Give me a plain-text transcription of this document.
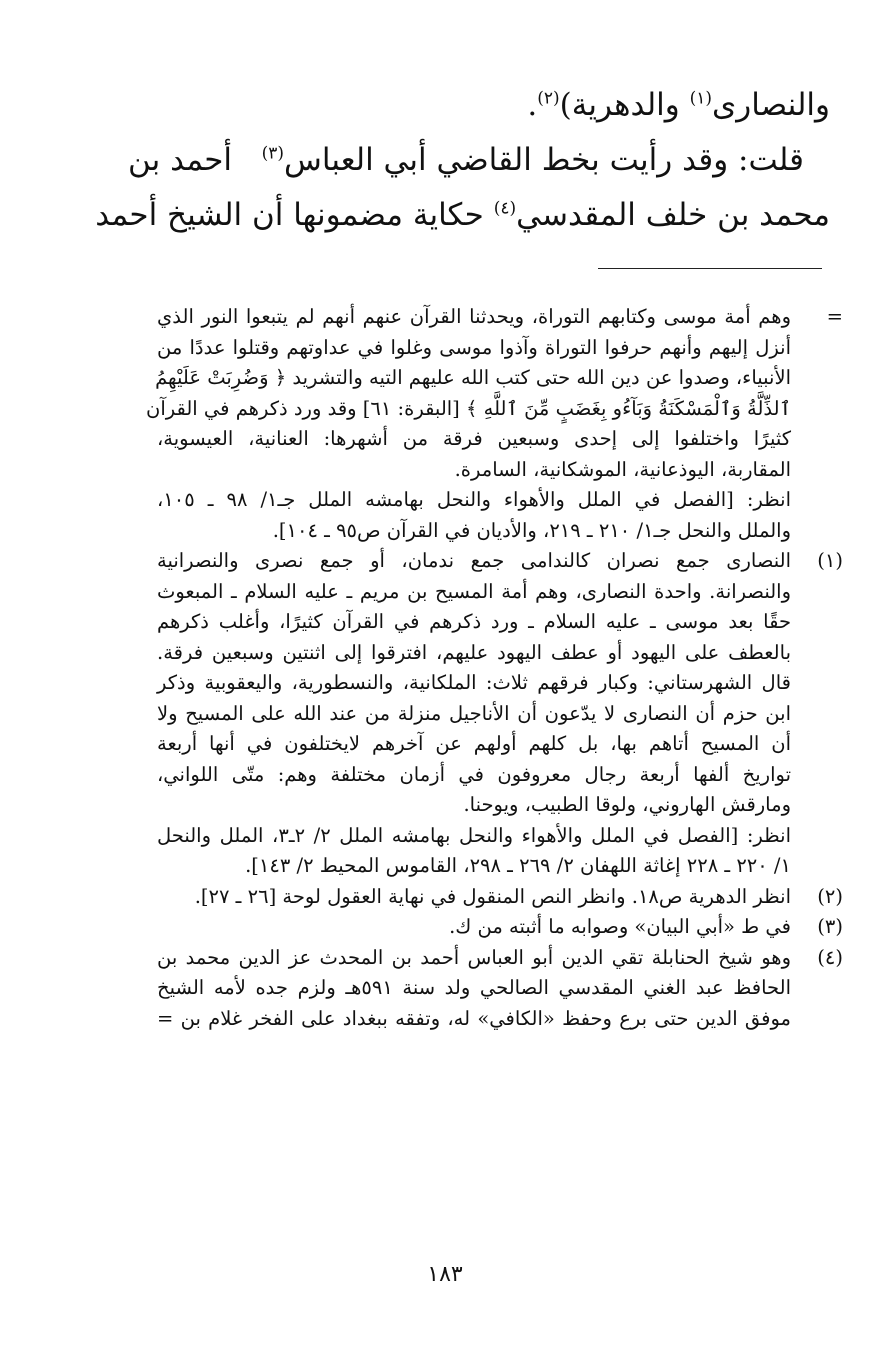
والنصارى$^{(١)}$ والدهرية)$^{(٢)}$.
قلت: وقد رأيت بخط القاضي أبي العباس$^{(٣)}$   أحمد بن
محمد بن خلف المقدسي$^{(٤)}$ حكاية مضمونها أن الشيخ أحمد
=
وهم أمة موسى وكتابهم التوراة، ويحدثنا القرآن عنهم أنهم لم يتبعوا النور الذي
أنزل إليهم وأنهم حرفوا التوراة وآذوا موسى وغلوا في عداوتهم وقتلوا عددًا من
الأنبياء، وصدوا عن دين الله حتى كتب الله عليهم التيه والتشريد ﴿ وَضُرِبَتْ عَلَيْهِمُ
ٱلذِّلَّةُ وَٱلْمَسْكَنَةُ وَبَآءُو بِغَضَبٍ مِّنَ ٱللَّهِ ﴾ [البقرة: ٦١] وقد ورد ذكرهم في القرآن
كثيرًا واختلفوا إلى إحدى وسبعين فرقة من أشهرها: العنانية، العيسوية،
المقاربة، اليوذعانية، الموشكانية، السامرة.
انظر: [الفصل في الملل والأهواء والنحل بهامشه الملل جـ١/ ٩٨ ـ ١٠٥،
والملل والنحل جـ١/ ٢١٠ ـ ٢١٩، والأديان في القرآن ص٩٥ ـ ١٠٤].
(١)
النصارى جمع نصران كالندامى جمع ندمان، أو جمع نصرى والنصرانية
والنصرانة. واحدة النصارى، وهم أمة المسيح بن مريم ـ عليه السلام ـ المبعوث
حقًا بعد موسى ـ عليه السلام ـ ورد ذكرهم في القرآن كثيرًا، وأغلب ذكرهم
بالعطف على اليهود أو عطف اليهود عليهم، افترقوا إلى اثنتين وسبعين فرقة.
قال الشهرستاني: وكبار فرقهم ثلاث: الملكانية، والنسطورية، واليعقوبية وذكر
ابن حزم أن النصارى لا يدّعون أن الأناجيل منزلة من عند الله على المسيح ولا
أن المسيح أتاهم بها، بل كلهم أولهم عن آخرهم لايختلفون في أنها أربعة
تواريخ ألفها أربعة رجال معروفون في أزمان مختلفة وهم: متّى اللواني،
ومارقش الهاروني، ولوقا الطبيب، ويوحنا.
انظر: [الفصل في الملل والأهواء والنحل بهامشه الملل ٢/ ٢ـ٣، الملل والنحل
١/ ٢٢٠ ـ ٢٢٨ إغاثة اللهفان ٢/ ٢٦٩ ـ ٢٩٨، القاموس المحيط ٢/ ١٤٣].
(٢)
انظر الدهرية ص١٨. وانظر النص المنقول في نهاية العقول لوحة [٢٦ ـ ٢٧].
(٣)
في ط «أبي البيان» وصوابه ما أثبته من ك.
(٤)
وهو شيخ الحنابلة تقي الدين أبو العباس أحمد بن المحدث عز الدين محمد بن
الحافظ عبد الغني المقدسي الصالحي ولد سنة ٥٩١هـ ولزم جده لأمه الشيخ
موفق الدين حتى برع وحفظ «الكافي» له، وتفقه ببغداد على الفخر غلام بن =
١٨٣
